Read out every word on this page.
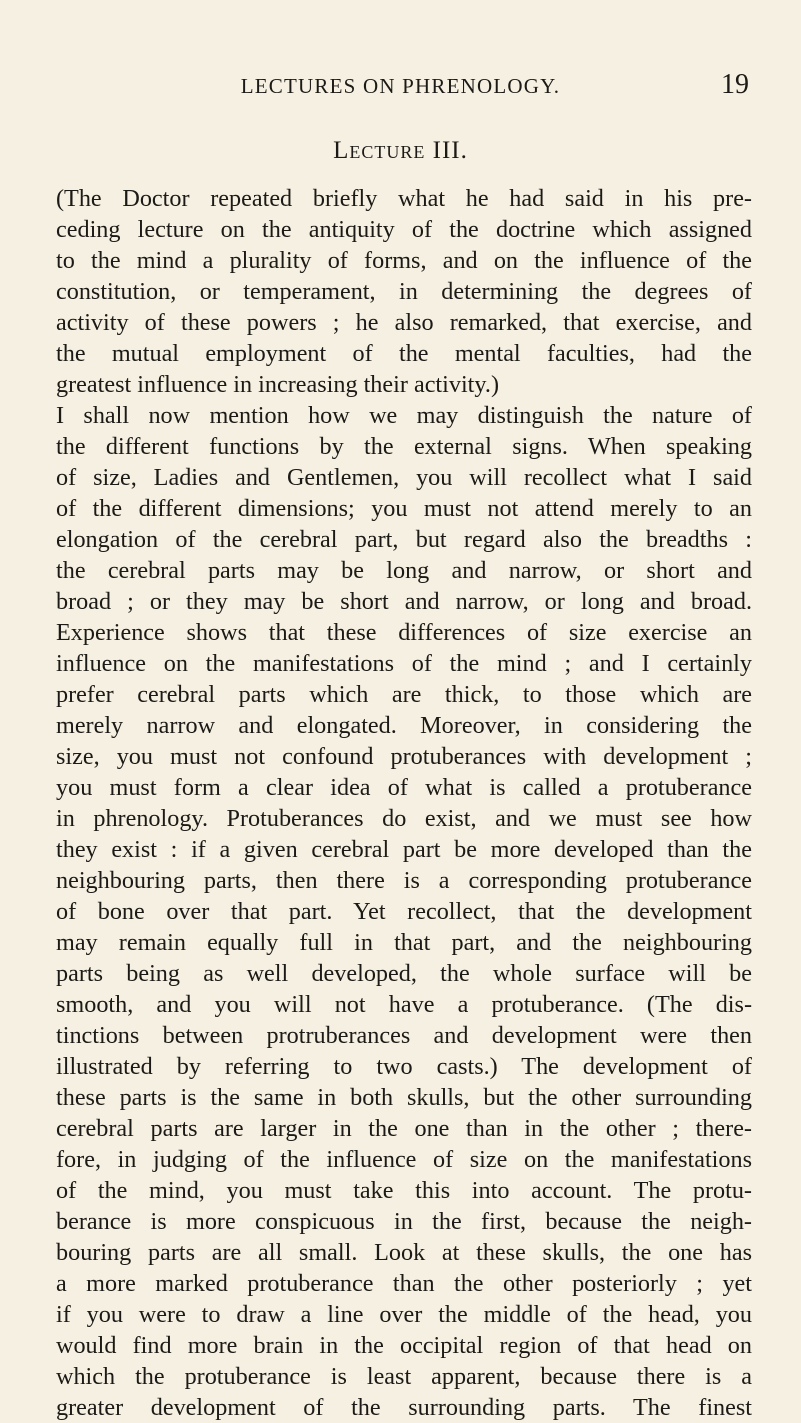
LECTURES ON PHRENOLOGY.	19
Lecture III.

(The Doctor repeated briefly what he had said in his pre-
ceding lecture on the antiquity of the doctrine which assigned
to the mind a plurality of forms, and on the influence of the
constitution, or temperament, in determining the degrees of
activity of these powers ; he also remarked, that exercise, and
the mutual employment of the mental faculties, had the
greatest influence in increasing their activity.)

I shall now mention how we may distinguish the nature of
the different functions by the external signs. When speaking
of size, Ladies and Gentlemen, you will recollect what I said
of the different dimensions; you must not attend merely to an
elongation of the cerebral part, but regard also the breadths :
the cerebral parts may be long and narrow, or short and
broad ; or they may be short and narrow, or long and broad.
Experience shows that these differences of size exercise an
influence on the manifestations of the mind ; and I certainly
prefer cerebral parts which are thick, to those which are
merely narrow and elongated. Moreover, in considering the
size, you must not confound protuberances with development ;
you must form a clear idea of what is called a protuberance
in phrenology. Protuberances do exist, and we must see how
they exist : if a given cerebral part be more developed than the
neighbouring parts, then there is a corresponding protuberance
of bone over that part. Yet recollect, that the development
may remain equally full in that part, and the neighbouring
parts being as well developed, the whole surface will be
smooth, and you will not have a protuberance. (The dis-
tinctions between protruberances and development were then
illustrated by referring to two casts.) The development of
these parts is the same in both skulls, but the other surrounding
cerebral parts are larger in the one than in the other ; there-
fore, in judging of the influence of size on the manifestations
of the mind, you must take this into account. The protu-
berance is more conspicuous in the first, because the neigh-
bouring parts are all small. Look at these skulls, the one has
a more marked protuberance than the other posteriorly ; yet
if you were to draw a line over the middle of the head, you
would find more brain in the occipital region of that head on
which the protuberance is least apparent, because there is a
greater development of the surrounding parts. The finest
